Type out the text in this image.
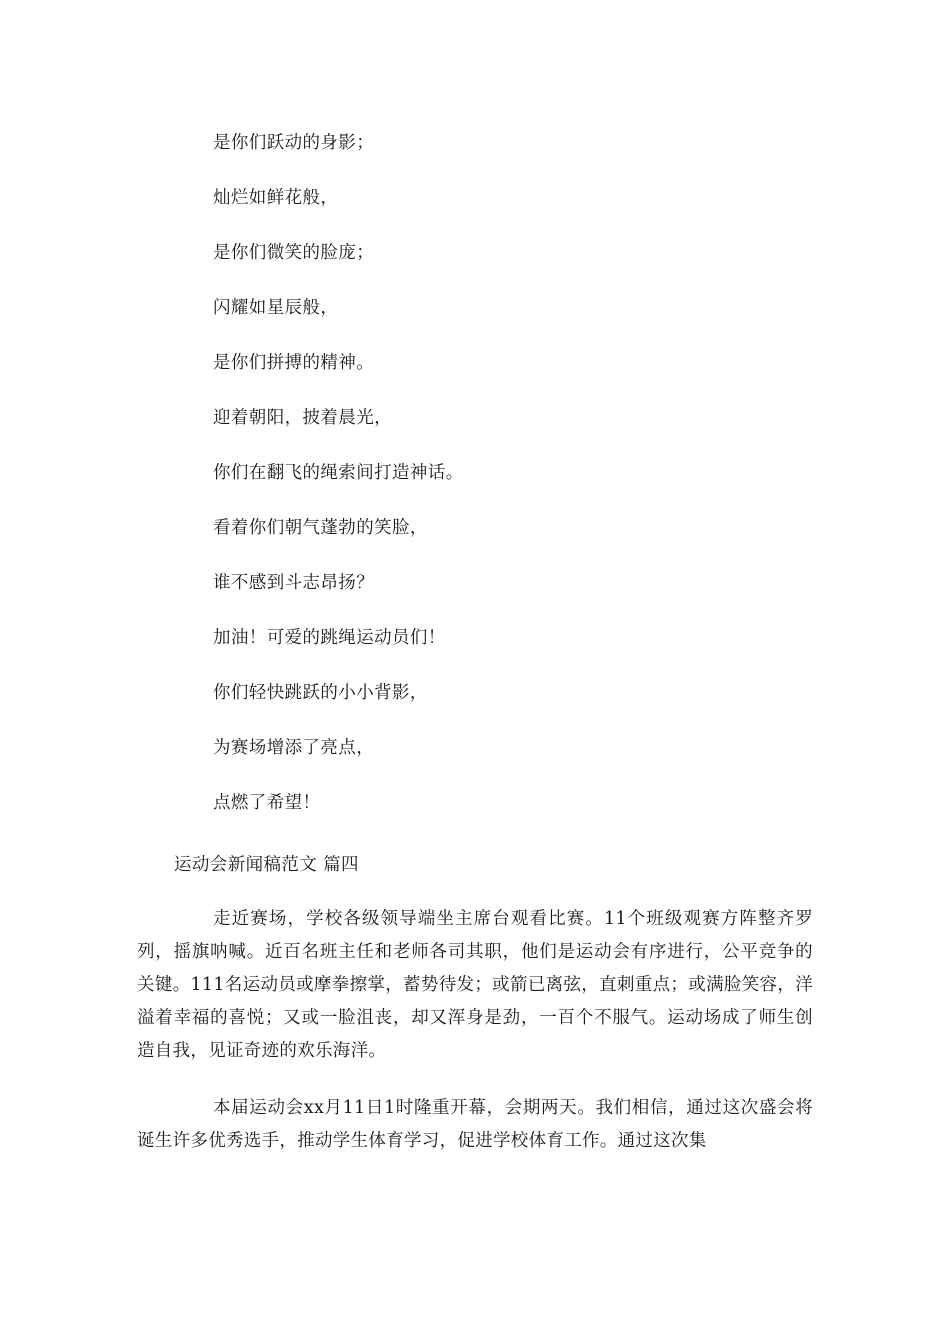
是你们跃动的身影；
灿烂如鲜花般，
是你们微笑的脸庞；
闪耀如星辰般，
是你们拼搏的精神。
迎着朝阳，披着晨光，
你们在翻飞的绳索间打造神话。
看着你们朝气蓬勃的笑脸，
谁不感到斗志昂扬？
加油！可爱的跳绳运动员们！
你们轻快跳跃的小小背影，
为赛场增添了亮点，
点燃了希望！
运动会新闻稿范文 篇四

走近赛场，学校各级领导端坐主席台观看比赛。11个班级观赛方阵整齐罗列，摇旗呐喊。近百名班主任和老师各司其职，他们是运动会有序进行，公平竞争的关键。111名运动员或摩拳擦掌，蓄势待发；或箭已离弦，直刺重点；或满脸笑容，洋溢着幸福的喜悦；又或一脸沮丧，却又浑身是劲，一百个不服气。运动场成了师生创造自我，见证奇迹的欢乐海洋。

本届运动会xx月11日1时隆重开幕，会期两天。我们相信，通过这次盛会将诞生许多优秀选手，推动学生体育学习，促进学校体育工作。通过这次集
